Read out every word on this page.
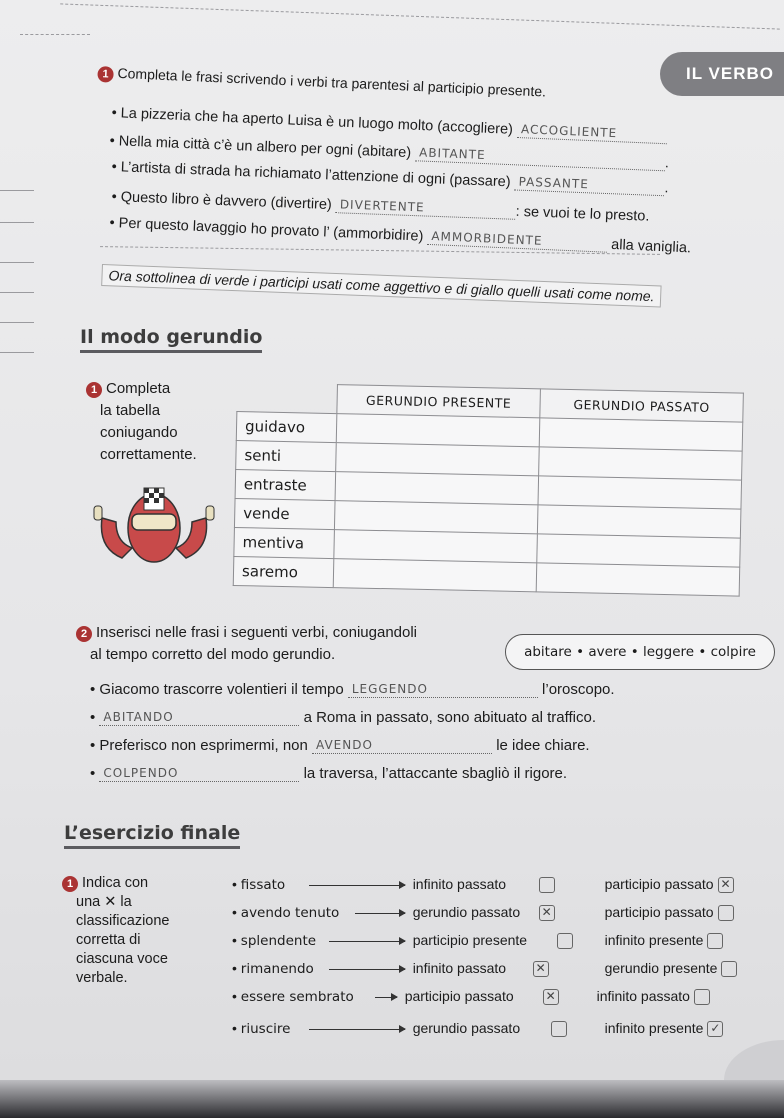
IL VERBO
1 Completa le frasi scrivendo i verbi tra parentesi al participio presente.
• La pizzeria che ha aperto Luisa è un luogo molto (accogliere) ACCOGLIENTE
• Nella mia città c’è un albero per ogni (abitare) ABITANTE
.
• L’artista di strada ha richiamato l’attenzione di ogni (passare) PASSANTE	.
• Questo libro è davvero (divertire) DIVERTENTE	: se vuoi te lo presto.
• Per questo lavaggio ho provato l’ (ammorbidire) AMMORBIDENTE	alla vaniglia.
Ora sottolinea di verde i participi usati come aggettivo e di giallo quelli usati come nome.
Il modo gerundio
1 Completa
la tabella
coniugando
correttamente.
	GERUNDIO PRESENTE	GERUNDIO PASSATO
guidavo		
senti		
entraste		
vende		
mentiva		
saremo		
2 Inserisci nelle frasi i seguenti verbi, coniugandoli
al tempo corretto del modo gerundio.	abitare • avere • leggere • colpire
• Giacomo trascorre volentieri il tempo LEGGENDO	l’oroscopo.
• ABITANDO	a Roma in passato, sono abituato al traffico.
• Preferisco non esprimermi, non AVENDO	le idee chiare.
• COLPENDO	la traversa, l’attaccante sbagliò il rigore.
L’esercizio finale
1 Indica con
una ✕ la
classificazione
corretta di
ciascuna voce
verbale.
• fissato	infinito passato	participio passato ✕
• avendo tenuto	gerundio passato ✕	participio passato
• splendente	participio presente	infinito presente
• rimanendo	infinito passato ✕	gerundio presente
• essere sembrato	participio passato	✕	infinito passato
• riuscire	gerundio passato	infinito presente ✓
